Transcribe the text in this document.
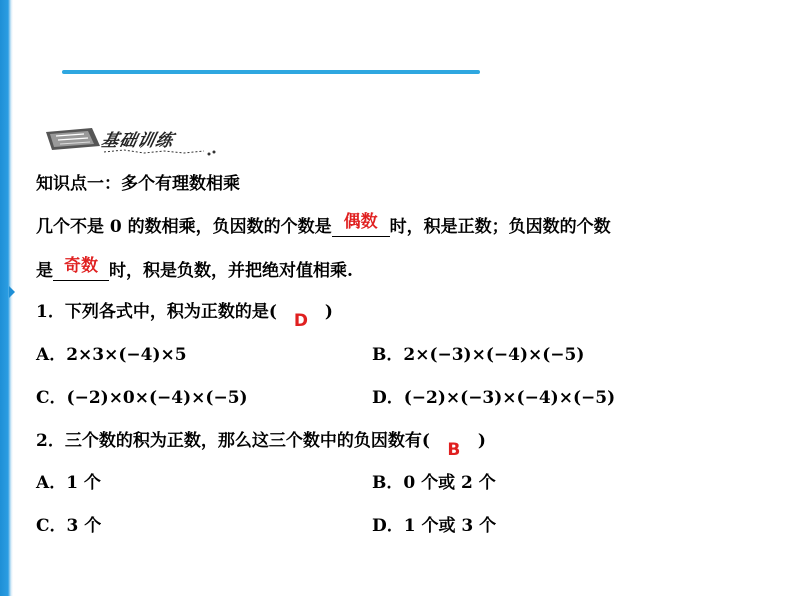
基础训练
知识点一：多个有理数相乘
几个不是 0 的数相乘，负因数的个数是 偶数 时，积是正数；负因数的个数
是 奇数 时，积是负数，并把绝对值相乘.
1．下列各式中，积为正数的是( D )
A．2×3×(−4)×5	B．2×(−3)×(−4)×(−5)
C．(−2)×0×(−4)×(−5)	D．(−2)×(−3)×(−4)×(−5)
2．三个数的积为正数，那么这三个数中的负因数有(	B	)
A．1 个	B．0 个或 2 个
C．3 个	D．1 个或 3 个
